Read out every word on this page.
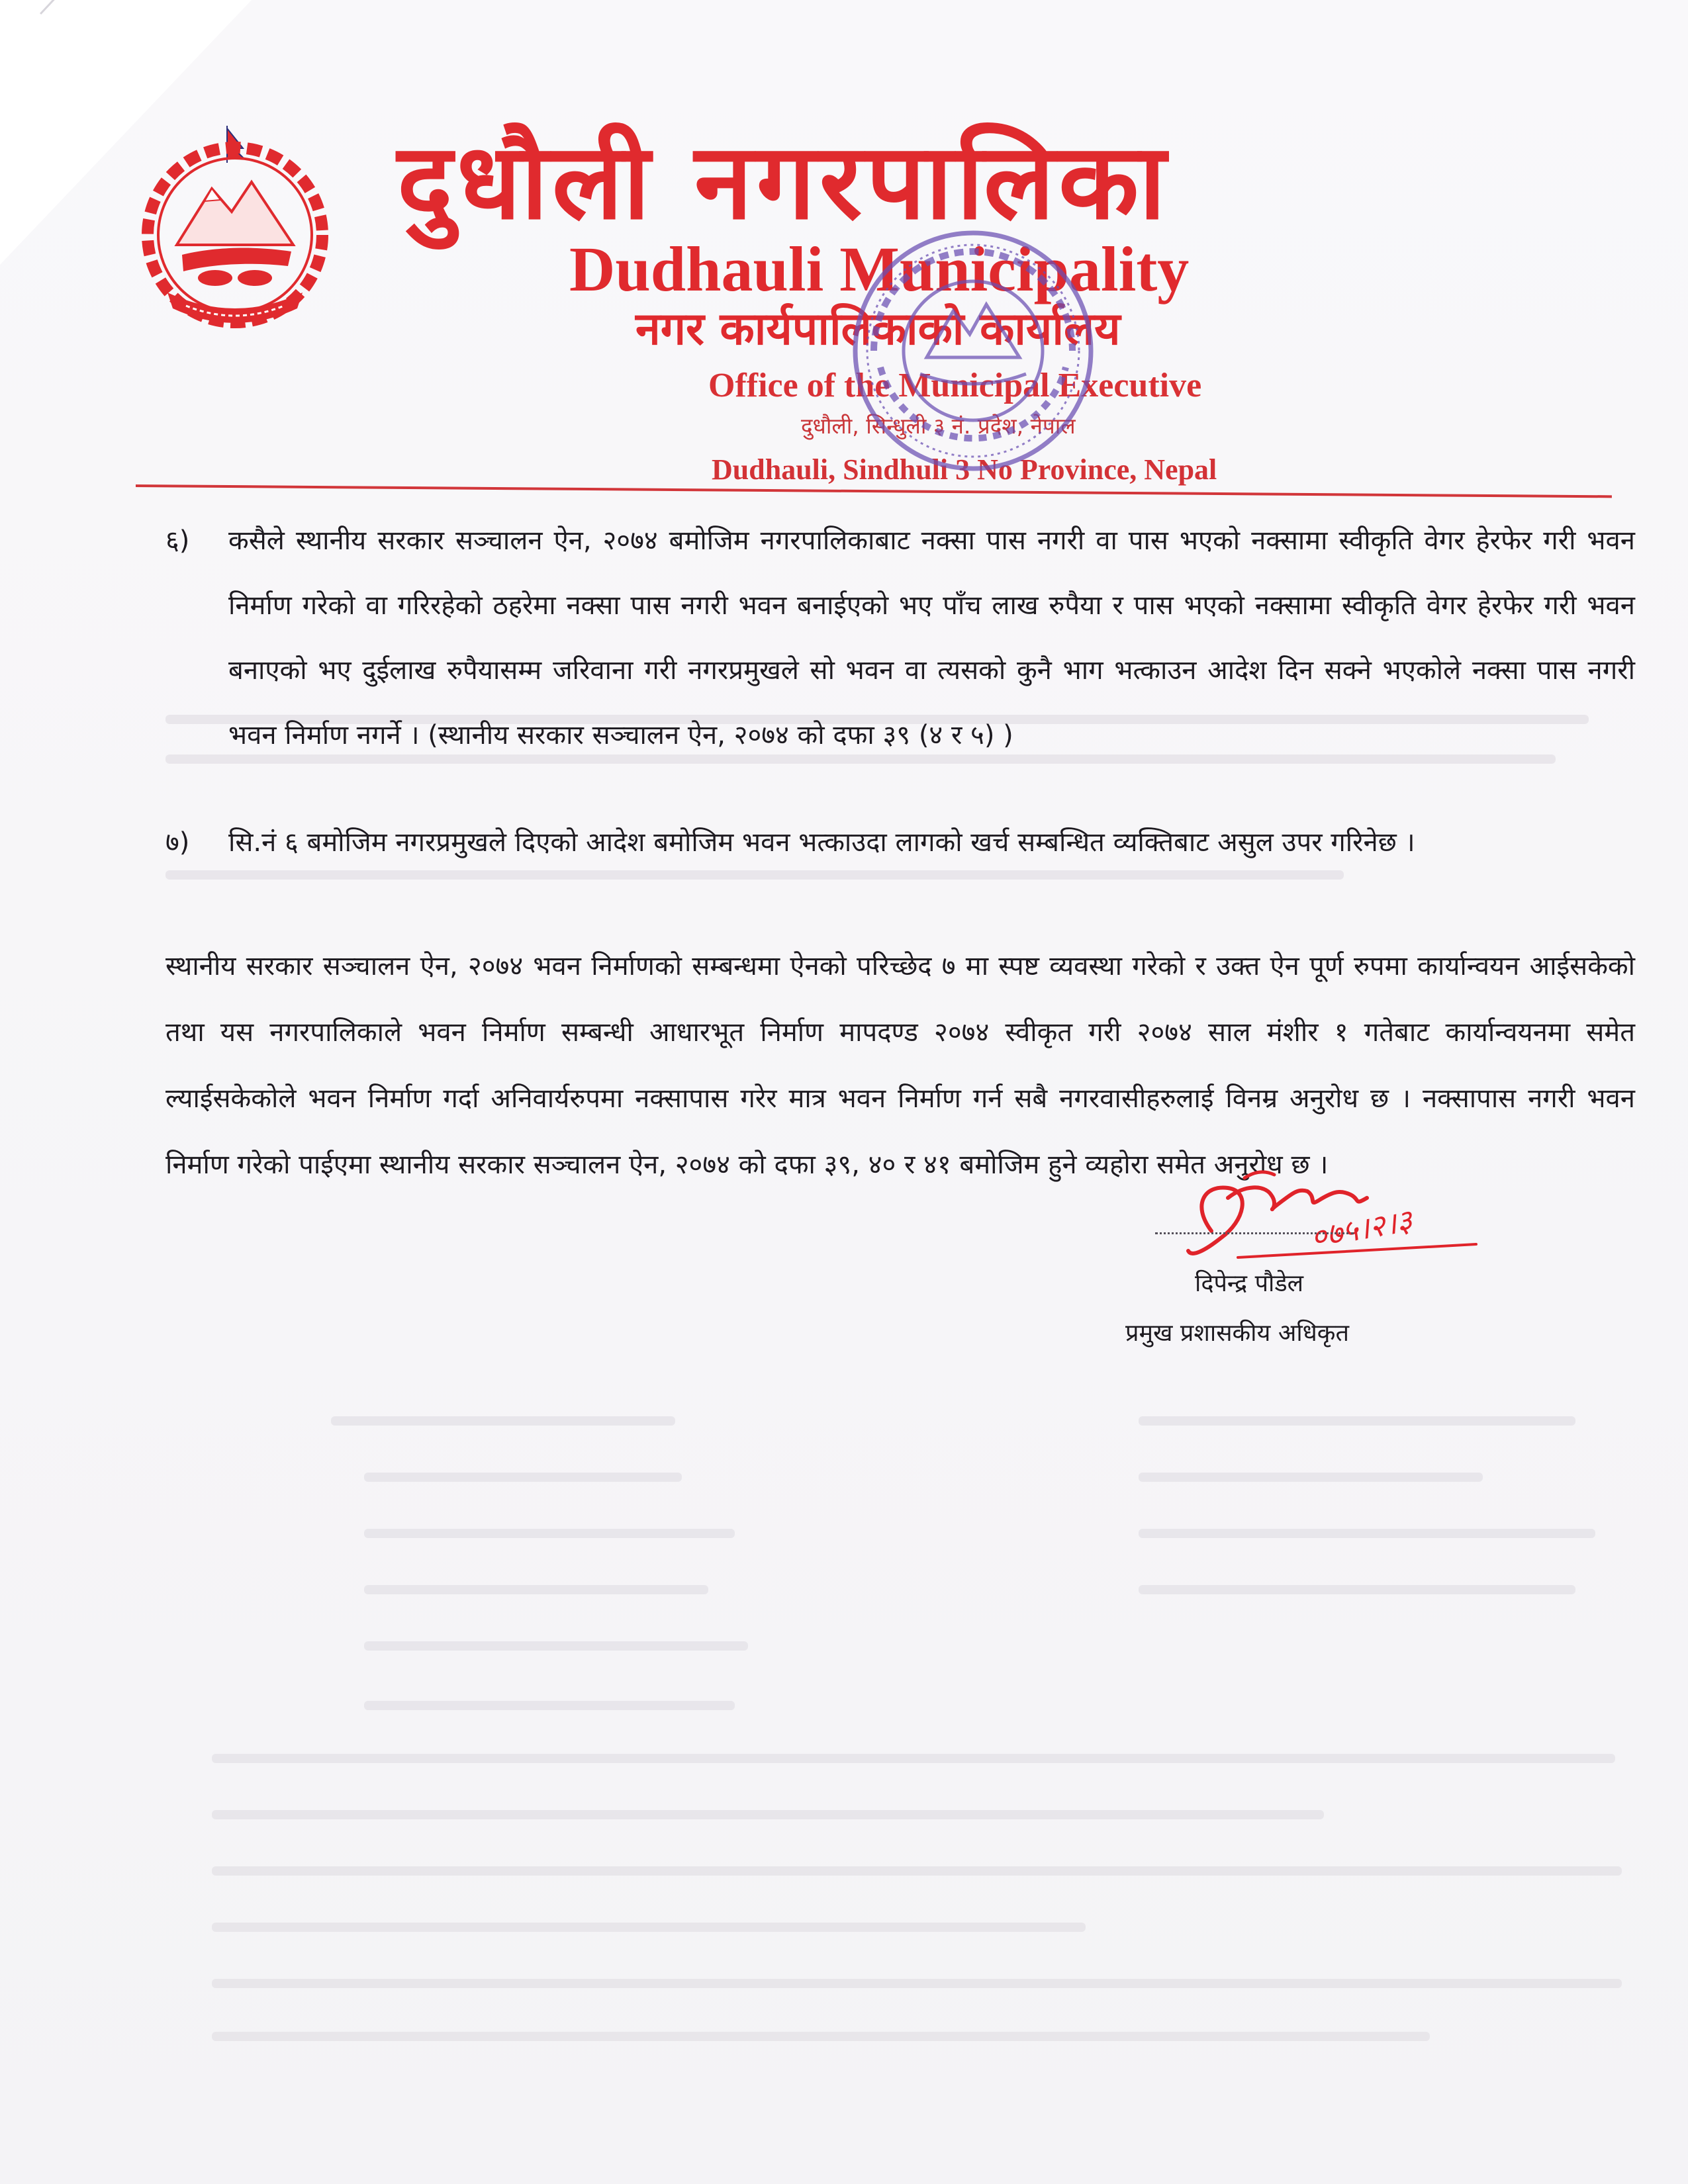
दुधौली नगरपालिका
Dudhauli Municipality
नगर कार्यपालिकाको कार्यालय
Office of the Municipal Executive
दुधौली, सिन्धुली ३ नं. प्रदेश, नेपाल
Dudhauli, Sindhuli 3 No Province, Nepal
६) कसैले स्थानीय सरकार सञ्चालन ऐन, २०७४ बमोजिम नगरपालिकाबाट नक्सा पास नगरी वा पास भएको नक्सामा स्वीकृति वेगर हेरफेर गरी भवन निर्माण गरेको वा गरिरहेको ठहरेमा नक्सा पास नगरी भवन बनाईएको भए पाँच लाख रुपैया र पास भएको नक्सामा स्वीकृति वेगर हेरफेर गरी भवन बनाएको भए दुईलाख रुपैयासम्म जरिवाना गरी नगरप्रमुखले सो भवन वा त्यसको कुनै भाग भत्काउन आदेश दिन सक्ने भएकोले नक्सा पास नगरी भवन निर्माण नगर्ने । (स्थानीय सरकार सञ्चालन ऐन, २०७४ को दफा ३९ (४ र ५) )
७) सि.नं ६ बमोजिम नगरप्रमुखले दिएको आदेश बमोजिम भवन भत्काउदा लागको खर्च सम्बन्धित व्यक्तिबाट असुल उपर गरिनेछ ।
स्थानीय सरकार सञ्चालन ऐन, २०७४ भवन निर्माणको सम्बन्धमा ऐनको परिच्छेद ७ मा स्पष्ट व्यवस्था गरेको र उक्त ऐन पूर्ण रुपमा कार्यान्वयन आईसकेको तथा यस नगरपालिकाले भवन निर्माण सम्बन्धी आधारभूत निर्माण मापदण्ड २०७४ स्वीकृत गरी २०७४ साल मंशीर १ गतेबाट कार्यान्वयनमा समेत ल्याईसकेकोले भवन निर्माण गर्दा अनिवार्यरुपमा नक्सापास गरेर मात्र भवन निर्माण गर्न सबै नगरवासीहरुलाई विनम्र अनुरोध छ । नक्सापास नगरी भवन निर्माण गरेको पाईएमा स्थानीय सरकार सञ्चालन ऐन, २०७४ को दफा ३९, ४० र ४१ बमोजिम हुने व्यहोरा समेत अनुरोध छ ।
०७५।२।३
दिपेन्द्र पौडेल
प्रमुख प्रशासकीय अधिकृत
